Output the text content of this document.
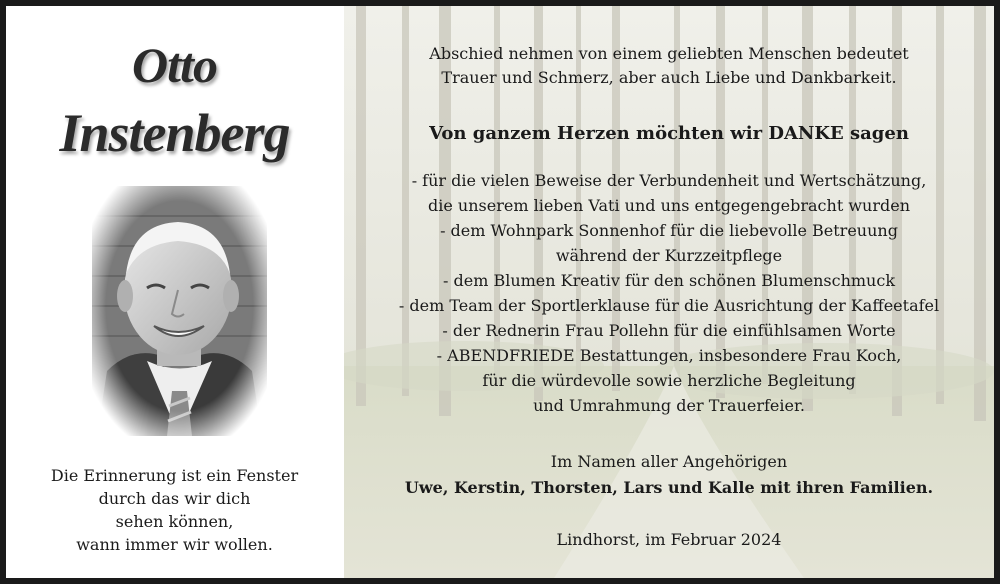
Otto
Instenberg
Die Erinnerung ist ein Fenster
durch das wir dich
sehen können,
wann immer wir wollen.
Abschied nehmen von einem geliebten Menschen bedeutet
Trauer und Schmerz, aber auch Liebe und Dankbarkeit.
Von ganzem Herzen möchten wir DANKE sagen
- für die vielen Beweise der Verbundenheit und Wertschätzung,
die unserem lieben Vati und uns entgegengebracht wurden
- dem Wohnpark Sonnenhof für die liebevolle Betreuung
während der Kurzzeitpflege
- dem Blumen Kreativ für den schönen Blumenschmuck
- dem Team der Sportlerklause für die Ausrichtung der Kaffeetafel
- der Rednerin Frau Pollehn für die einfühlsamen Worte
- ABENDFRIEDE Bestattungen, insbesondere Frau Koch,
für die würdevolle sowie herzliche Begleitung
und Umrahmung der Trauerfeier.
Im Namen aller Angehörigen
Uwe, Kerstin, Thorsten, Lars und Kalle mit ihren Familien.
Lindhorst, im Februar 2024
